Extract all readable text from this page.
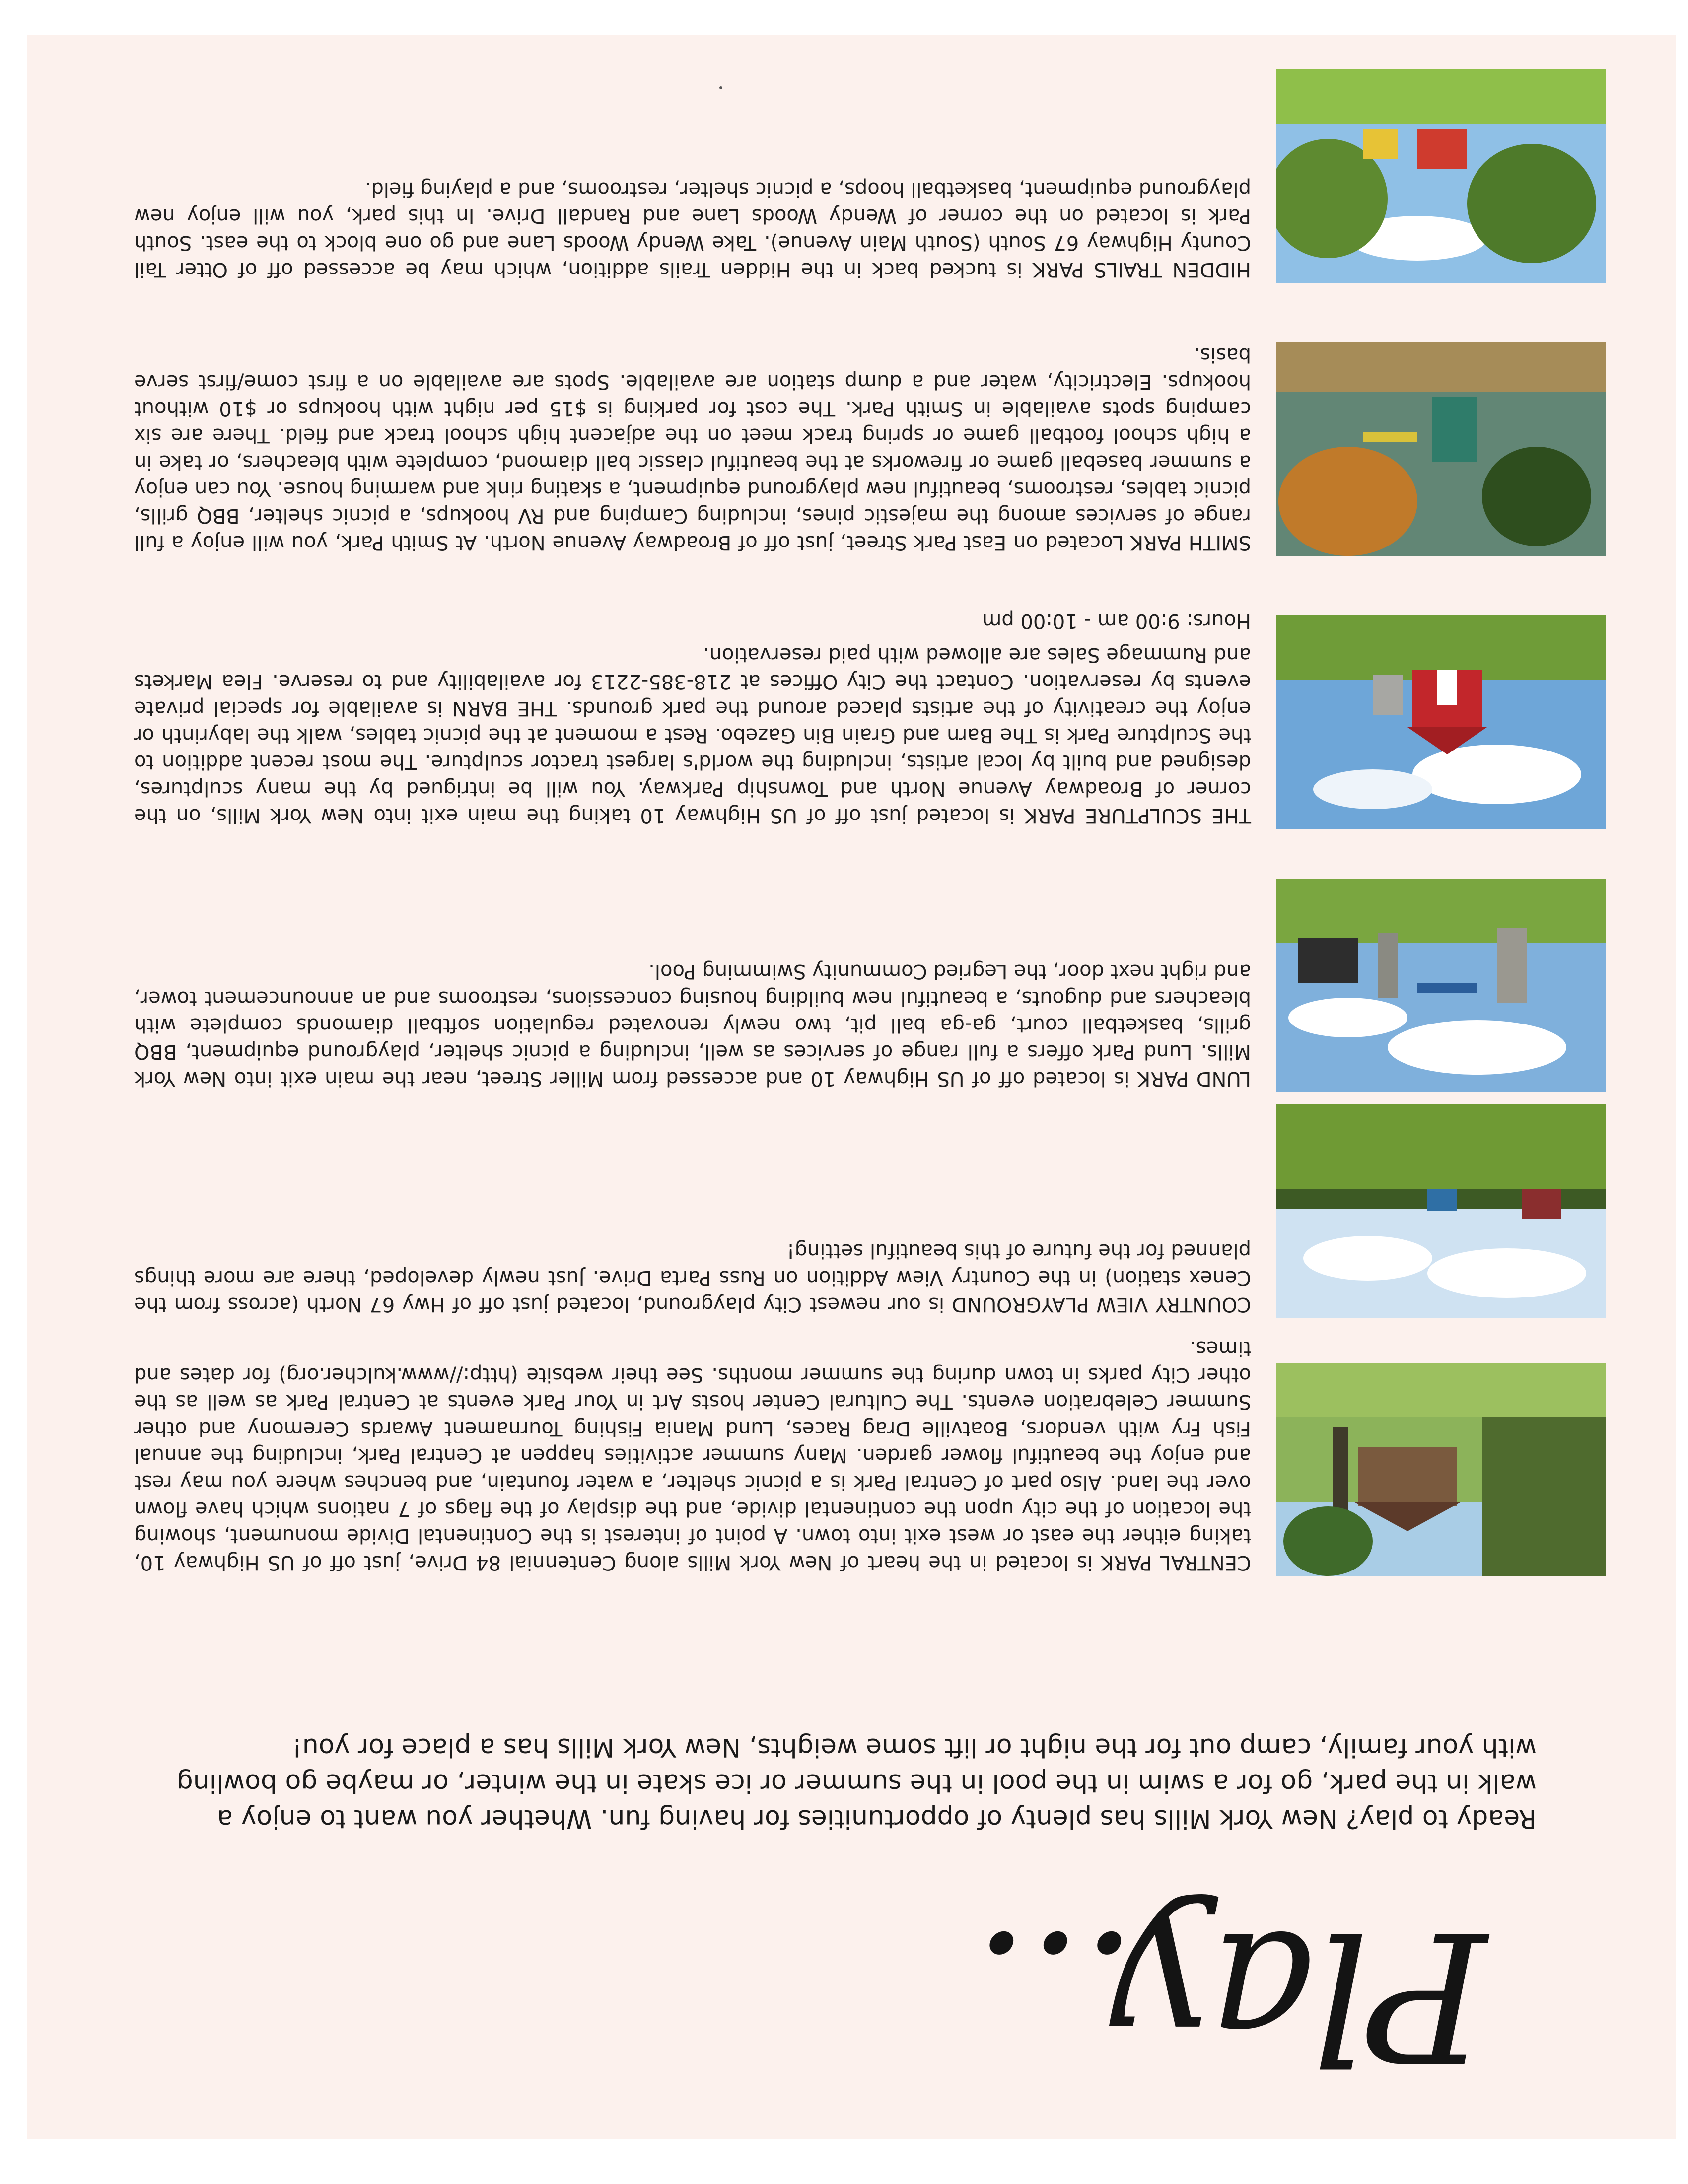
Play...

Ready to play? New York Mills has plenty of opportunities for having fun. Whether you want to enjoy a walk in the park, go for a swim in the pool in the summer or ice skate in the winter, or maybe go bowling with your family, camp out for the night or lift some weights, New York Mills has a place for you!

CENTRAL PARK is located in the heart of New York Mills along Centennial 84 Drive, just off of US Highway 10, taking either the east or west exit into town. A point of interest is the Continental Divide monument, showing the location of the city upon the continental divide, and the display of the flags of 7 nations which have flown over the land. Also part of Central Park is a picnic shelter, a water fountain, and benches where you may rest and enjoy the beautiful flower garden. Many summer activities happen at Central Park, including the annual Fish Fry with vendors, Boatville Drag Races, Lund Mania Fishing Tournament Awards Ceremony and other Summer Celebration events. The Cultural Center hosts Art in Your Park events at Central Park as well as the other City parks in town during the summer months. See their website (http://www.kulcher.org) for dates and times.

COUNTRY VIEW PLAYGROUND is our newest City playground, located just off of Hwy 67 North (across from the Cenex station) in the Country View Addition on Russ Parta Drive. Just newly developed, there are more things planned for the future of this beautiful setting!

LUND PARK is located off of US Highway 10 and accessed from Miller Street, near the main exit into New York Mills. Lund Park offers a full range of services as well, including a picnic shelter, playground equipment, BBQ grills, basketball court, ga-ga ball pit, two newly renovated regulation softball diamonds complete with bleachers and dugouts, a beautiful new building housing concessions, restrooms and an announcement tower, and right next door, the Legried Community Swimming Pool.

THE SCULPTURE PARK is located just off of US Highway 10 taking the main exit into New York Mills, on the corner of Broadway Avenue North and Township Parkway. You will be intrigued by the many sculptures, designed and built by local artists, including the world's largest tractor sculpture. The most recent addition to the Sculpture Park is The Barn and Grain Bin Gazebo. Rest a moment at the picnic tables, walk the labyrinth or enjoy the creativity of the artists placed around the park grounds. THE BARN is available for special private events by reservation. Contact the City Offices at 218-385-2213 for availability and to reserve. Flea Markets and Rummage Sales are allowed with paid reservation.
Hours: 9:00 am - 10:00 pm

SMITH PARK Located on East Park Street, just off of Broadway Avenue North. At Smith Park, you will enjoy a full range of services among the majestic pines, including Camping and RV hookups, a picnic shelter, BBQ grills, picnic tables, restrooms, beautiful new playground equipment, a skating rink and warming house. You can enjoy a summer baseball game or fireworks at the beautiful classic ball diamond, complete with bleachers, or take in a high school football game or spring track meet on the adjacent high school track and field. There are six camping spots available in Smith Park. The cost for parking is $15 per night with hookups or $10 without hookups. Electricity, water and a dump station are available. Spots are available on a first come/first serve basis.

HIDDEN TRAILS PARK is tucked back in the Hidden Trails addition, which may be accessed off of Otter Tail County Highway 67 South (South Main Avenue). Take Wendy Woods Lane and go one block to the east. South Park is located on the corner of Wendy Woods Lane and Randall Drive. In this park, you will enjoy new playground equipment, basketball hoops, a picnic shelter, restrooms, and a playing field.
